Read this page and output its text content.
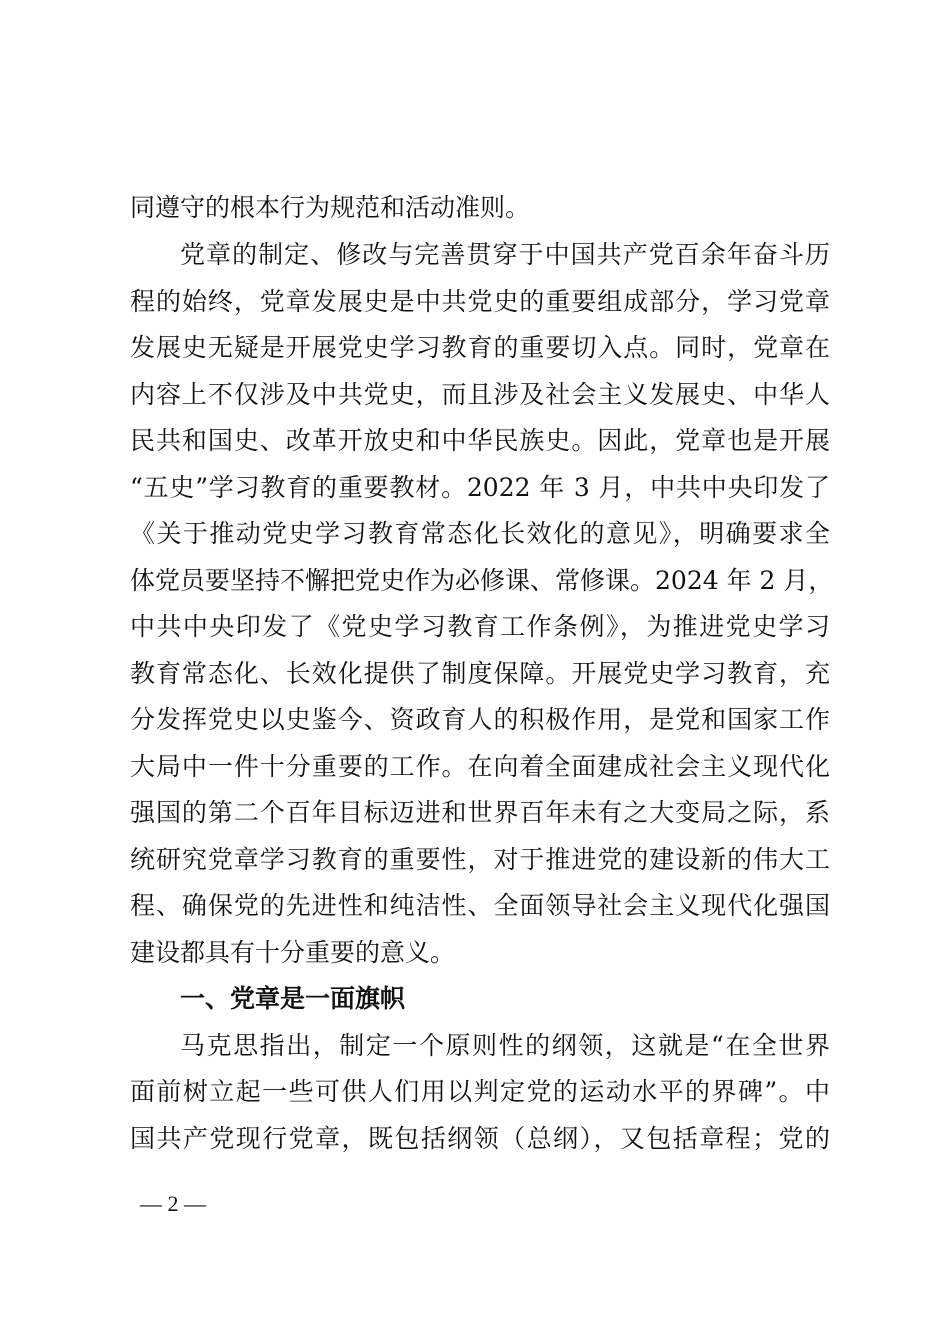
同遵守的根本行为规范和活动准则。
党章的制定、修改与完善贯穿于中国共产党百余年奋斗历
程的始终，党章发展史是中共党史的重要组成部分，学习党章
发展史无疑是开展党史学习教育的重要切入点。同时，党章在
内容上不仅涉及中共党史，而且涉及社会主义发展史、中华人
民共和国史、改革开放史和中华民族史。因此，党章也是开展
“五史”学习教育的重要教材。2022 年 3 月，中共中央印发了
《关于推动党史学习教育常态化长效化的意见》，明确要求全
体党员要坚持不懈把党史作为必修课、常修课。2024 年 2 月，
中共中央印发了《党史学习教育工作条例》，为推进党史学习
教育常态化、长效化提供了制度保障。开展党史学习教育，充
分发挥党史以史鉴今、资政育人的积极作用，是党和国家工作
大局中一件十分重要的工作。在向着全面建成社会主义现代化
强国的第二个百年目标迈进和世界百年未有之大变局之际，系
统研究党章学习教育的重要性，对于推进党的建设新的伟大工
程、确保党的先进性和纯洁性、全面领导社会主义现代化强国
建设都具有十分重要的意义。
一、党章是一面旗帜
马克思指出，制定一个原则性的纲领，这就是“在全世界
面前树立起一些可供人们用以判定党的运动水平的界碑”。中
国共产党现行党章，既包括纲领（总纲），又包括章程；党的
— 2 —
